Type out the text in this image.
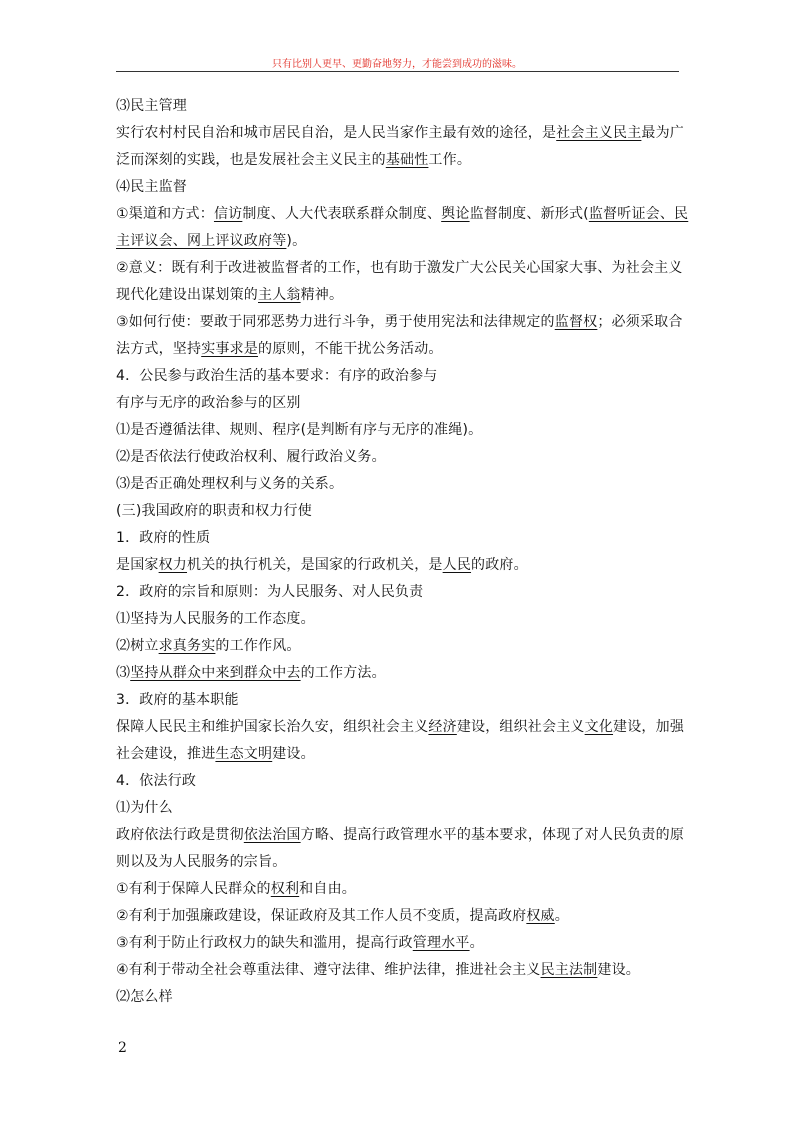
只有比别人更早、更勤奋地努力，才能尝到成功的滋味。
⑶民主管理
实行农村村民自治和城市居民自治，是人民当家作主最有效的途径，是社会主义民主最为广
泛而深刻的实践，也是发展社会主义民主的基础性工作。
⑷民主监督
①渠道和方式：信访制度、人大代表联系群众制度、舆论监督制度、新形式(监督听证会、民
主评议会、网上评议政府等)。
②意义：既有利于改进被监督者的工作，也有助于激发广大公民关心国家大事、为社会主义
现代化建设出谋划策的主人翁精神。
③如何行使：要敢于同邪恶势力进行斗争，勇于使用宪法和法律规定的监督权；必须采取合
法方式，坚持实事求是的原则，不能干扰公务活动。
4．公民参与政治生活的基本要求：有序的政治参与
有序与无序的政治参与的区别
⑴是否遵循法律、规则、程序(是判断有序与无序的准绳)。
⑵是否依法行使政治权利、履行政治义务。
⑶是否正确处理权利与义务的关系。
(三)我国政府的职责和权力行使
1．政府的性质
是国家权力机关的执行机关，是国家的行政机关，是人民的政府。
2．政府的宗旨和原则：为人民服务、对人民负责
⑴坚持为人民服务的工作态度。
⑵树立求真务实的工作作风。
⑶坚持从群众中来到群众中去的工作方法。
3．政府的基本职能
保障人民民主和维护国家长治久安，组织社会主义经济建设，组织社会主义文化建设，加强
社会建设，推进生态文明建设。
4．依法行政
⑴为什么
政府依法行政是贯彻依法治国方略、提高行政管理水平的基本要求，体现了对人民负责的原
则以及为人民服务的宗旨。
①有利于保障人民群众的权利和自由。
②有利于加强廉政建设，保证政府及其工作人员不变质，提高政府权威。
③有利于防止行政权力的缺失和滥用，提高行政管理水平。
④有利于带动全社会尊重法律、遵守法律、维护法律，推进社会主义民主法制建设。
⑵怎么样
2
